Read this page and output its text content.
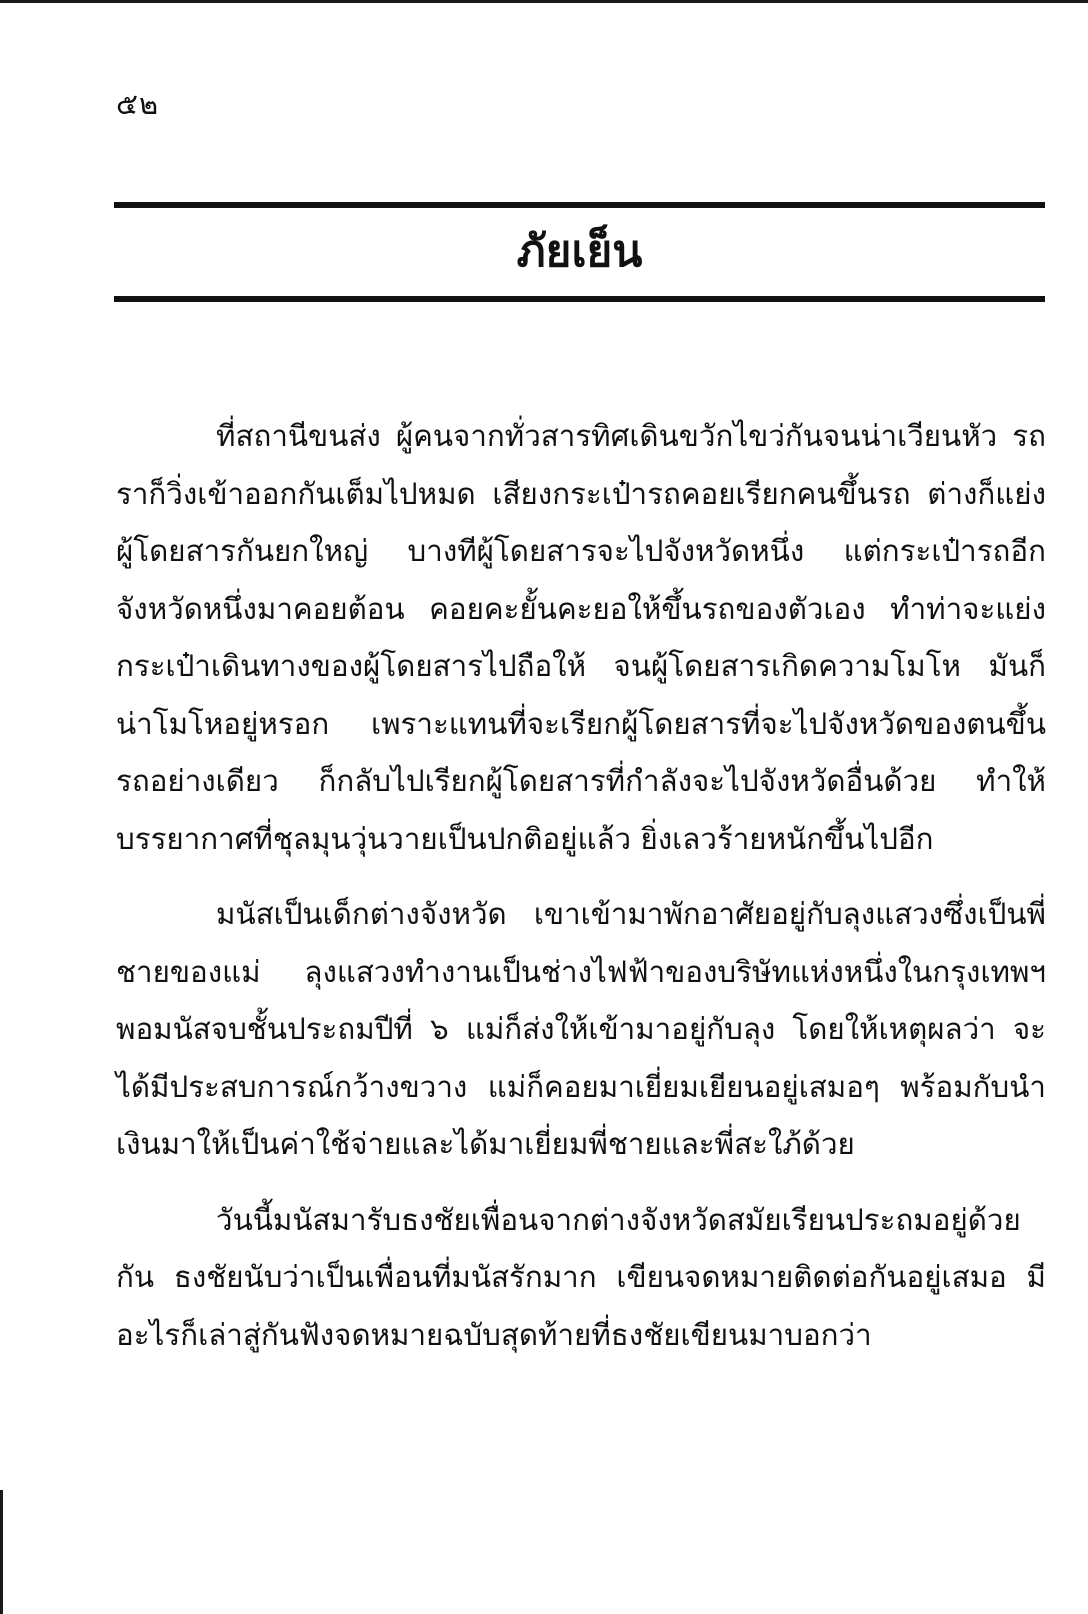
๕๒
ภัยเย็น

ที่สถานีขนส่ง ผู้คนจากทั่วสารทิศเดินขวักไขว่กันจนน่าเวียนหัว รถราก็วิ่งเข้าออกกันเต็มไปหมด เสียงกระเป๋ารถคอยเรียกคนขึ้นรถ ต่างก็แย่งผู้โดยสารกันยกใหญ่ บางทีผู้โดยสารจะไปจังหวัดหนึ่ง แต่กระเป๋ารถอีกจังหวัดหนึ่งมาคอยต้อน คอยคะยั้นคะยอให้ขึ้นรถของตัวเอง ทำท่าจะแย่งกระเป๋าเดินทางของผู้โดยสารไปถือให้ จนผู้โดยสารเกิดความโมโห มันก็น่าโมโหอยู่หรอก เพราะแทนที่จะเรียกผู้โดยสารที่จะไปจังหวัดของตนขึ้นรถอย่างเดียว ก็กลับไปเรียกผู้โดยสารที่กำลังจะไปจังหวัดอื่นด้วย ทำให้บรรยากาศที่ชุลมุนวุ่นวายเป็นปกติอยู่แล้ว ยิ่งเลวร้ายหนักขึ้นไปอีก

มนัสเป็นเด็กต่างจังหวัด เขาเข้ามาพักอาศัยอยู่กับลุงแสวงซึ่งเป็นพี่ชายของแม่ ลุงแสวงทำงานเป็นช่างไฟฟ้าของบริษัทแห่งหนึ่งในกรุงเทพฯ พอมนัสจบชั้นประถมปีที่ ๖ แม่ก็ส่งให้เข้ามาอยู่กับลุง โดยให้เหตุผลว่า จะได้มีประสบการณ์กว้างขวาง แม่ก็คอยมาเยี่ยมเยียนอยู่เสมอๆ พร้อมกับนำเงินมาให้เป็นค่าใช้จ่ายและได้มาเยี่ยมพี่ชายและพี่สะใภ้ด้วย

วันนี้มนัสมารับธงชัยเพื่อนจากต่างจังหวัดสมัยเรียนประถมอยู่ด้วยกัน ธงชัยนับว่าเป็นเพื่อนที่มนัสรักมาก เขียนจดหมายติดต่อกันอยู่เสมอ มีอะไรก็เล่าสู่กันฟังจดหมายฉบับสุดท้ายที่ธงชัยเขียนมาบอกว่า
